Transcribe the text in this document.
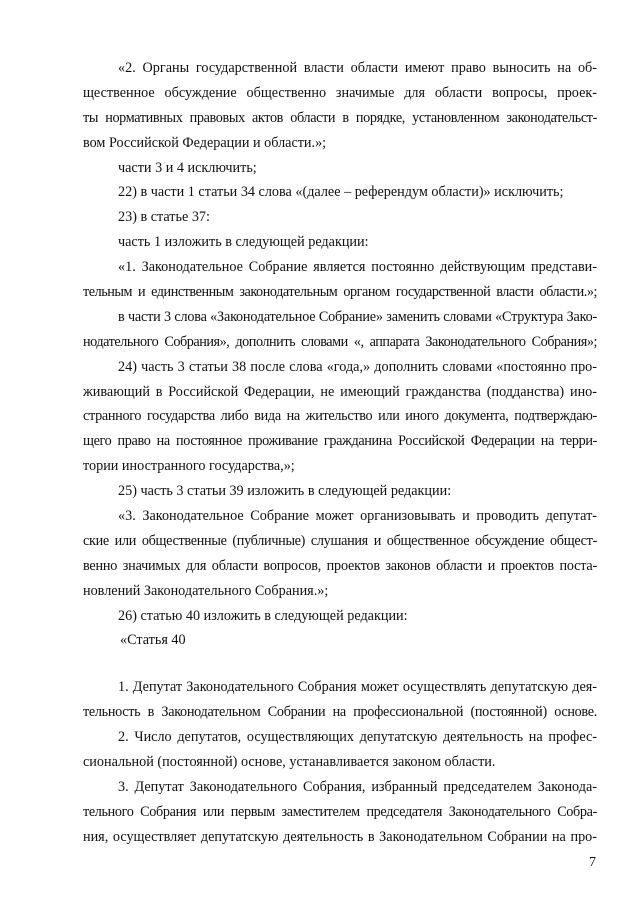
«2. Органы государственной власти области имеют право выносить на об-
щественное обсуждение общественно значимые для области вопросы, проек-
ты нормативных правовых актов области в порядке, установленном законодательст-
вом Российской Федерации и области.»;
части 3 и 4 исключить;
22) в части 1 статьи 34 слова «(далее – референдум области)» исключить;
23) в статье 37:
часть 1 изложить в следующей редакции:
«1. Законодательное Собрание является постоянно действующим представи-
тельным и единственным законодательным органом государственной власти области.»;
в части 3 слова «Законодательное Собрание» заменить словами «Структура Зако-
нодательного Собрания», дополнить словами «, аппарата Законодательного Собрания»;
24) часть 3 статьи 38 после слова «года,» дополнить словами «постоянно про-
живающий в Российской Федерации, не имеющий гражданства (подданства) ино-
странного государства либо вида на жительство или иного документа, подтверждаю-
щего право на постоянное проживание гражданина Российской Федерации на терри-
тории иностранного государства,»;
25) часть 3 статьи 39 изложить в следующей редакции:
«3. Законодательное Собрание может организовывать и проводить депутат-
ские или общественные (публичные) слушания и общественное обсуждение общест-
венно значимых для области вопросов, проектов законов области и проектов поста-
новлений Законодательного Собрания.»;
26) статью 40 изложить в следующей редакции:
«Статья 40
1. Депутат Законодательного Собрания может осуществлять депутатскую дея-
тельность в Законодательном Собрании на профессиональной (постоянной) основе.
2. Число депутатов, осуществляющих депутатскую деятельность на профес-
сиональной (постоянной) основе, устанавливается законом области.
3. Депутат Законодательного Собрания, избранный председателем Законода-
тельного Собрания или первым заместителем председателя Законодательного Собра-
ния, осуществляет депутатскую деятельность в Законодательном Собрании на про-
7
